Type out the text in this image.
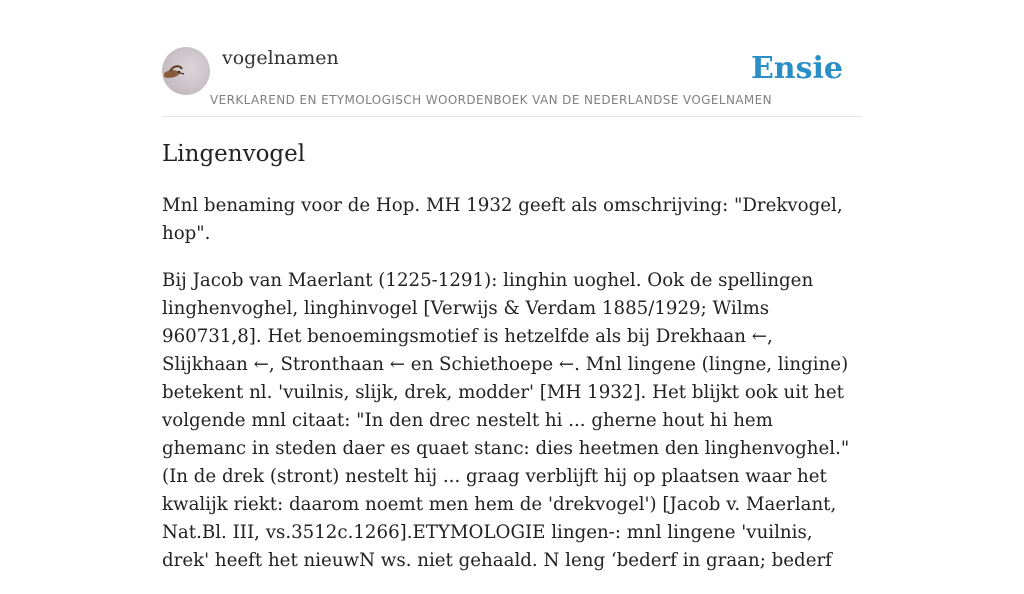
vogelnamen	Ensie
VERKLAREND EN ETYMOLOGISCH WOORDENBOEK VAN DE NEDERLANDSE VOGELNAMEN
Lingenvogel

Mnl benaming voor de Hop. MH 1932 geeft als omschrijving: "Drekvogel, hop".

Bij Jacob van Maerlant (1225-1291): linghin uoghel. Ook de spellingen linghenvoghel, linghinvogel [Verwijs & Verdam 1885/1929; Wilms 960731,8]. Het benoemingsmotief is hetzelfde als bij Drekhaan ←, Slijkhaan ←, Stronthaan ← en Schiethoepe ←. Mnl lingene (lingne, lingine) betekent nl. 'vuilnis, slijk, drek, modder' [MH 1932]. Het blijkt ook uit het volgende mnl citaat: "In den drec nestelt hi ... gherne hout hi hem ghemanc in steden daer es quaet stanc: dies heetmen den linghenvoghel." (In de drek (stront) nestelt hij ... graag verblijft hij op plaatsen waar het kwalijk riekt: daarom noemt men hem de 'drekvogel') [Jacob v. Maerlant, Nat.Bl. III, vs.3512c.1266].ETYMOLOGIE lingen-: mnl lingene 'vuilnis, drek' heeft het nieuwN ws. niet gehaald. N leng ‘bederf in graan; bederf
